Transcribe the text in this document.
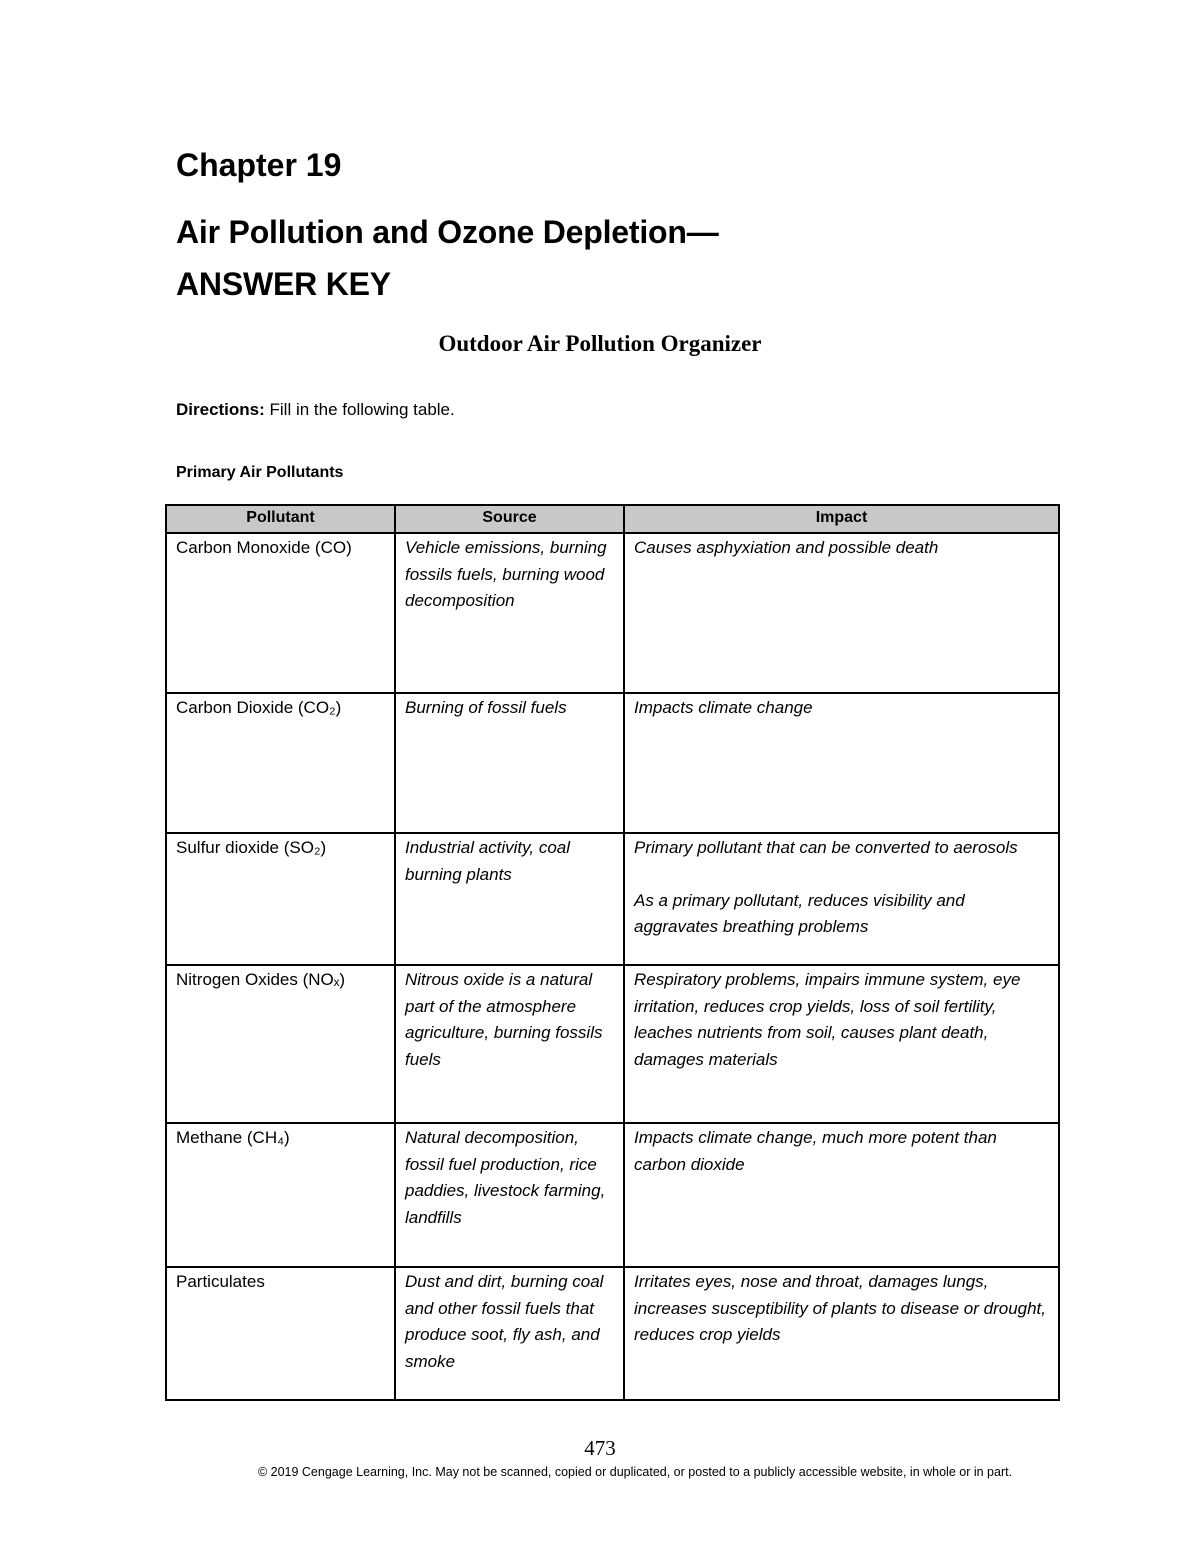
Chapter 19
Air Pollution and Ozone Depletion—
ANSWER KEY
Outdoor Air Pollution Organizer
Directions: Fill in the following table.
Primary Air Pollutants
Pollutant	Source	Impact
Carbon Monoxide (CO)	Vehicle emissions, burning fossils fuels, burning wood decomposition	Causes asphyxiation and possible death

Carbon Dioxide (CO₂)	Burning of fossil fuels	Impacts climate change

Sulfur dioxide (SO₂)	Industrial activity, coal burning plants	Primary pollutant that can be converted to aerosols
As a primary pollutant, reduces visibility and aggravates breathing problems

Nitrogen Oxides (NOₓ)	Nitrous oxide is a natural part of the atmosphere agriculture, burning fossils fuels	Respiratory problems, impairs immune system, eye irritation, reduces crop yields, loss of soil fertility, leaches nutrients from soil, causes plant death, damages materials

Methane (CH₄)	Natural decomposition, fossil fuel production, rice paddies, livestock farming, landfills	Impacts climate change, much more potent than carbon dioxide

Particulates	Dust and dirt, burning coal and other fossil fuels that produce soot, fly ash, and smoke	Irritates eyes, nose and throat, damages lungs, increases susceptibility of plants to disease or drought, reduces crop yields
473
© 2019 Cengage Learning, Inc. May not be scanned, copied or duplicated, or posted to a publicly accessible website, in whole or in part.
